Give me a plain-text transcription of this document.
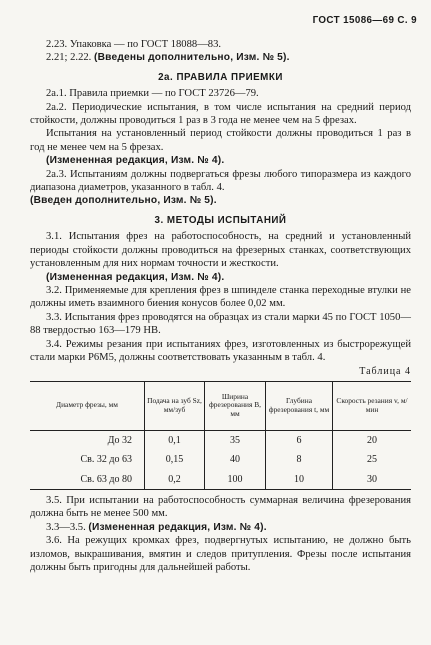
ГОСТ 15086—69 С. 9

2.23. Упаковка — по ГОСТ 18088—83.

2.21; 2.22. (Введены дополнительно, Изм. № 5).

2а. ПРАВИЛА ПРИЕМКИ

2а.1. Правила приемки — по ГОСТ 23726—79.

2а.2. Периодические испытания, в том числе испытания на средний период стойкости, должны проводиться 1 раз в 3 года не менее чем на 5 фрезах.

Испытания на установленный период стойкости должны проводиться 1 раз в год не менее чем на 5 фрезах.

(Измененная редакция, Изм. № 4).

2а.3. Испытаниям должны подвергаться фрезы любого типоразмера из каждого диапазона диаметров, указанного в табл. 4.

(Введен дополнительно, Изм. № 5).

3. МЕТОДЫ ИСПЫТАНИЙ

3.1. Испытания фрез на работоспособность, на средний и установленный периоды стойкости должны проводиться на фрезерных станках, соответствующих установленным для них нормам точности и жесткости.

(Измененная редакция, Изм. № 4).

3.2. Применяемые для крепления фрез в шпинделе станка переходные втулки не должны иметь взаимного биения конусов более 0,02 мм.

3.3. Испытания фрез проводятся на образцах из стали марки 45 по ГОСТ 1050—88 твердостью 163—179 НВ.

3.4. Режимы резания при испытаниях фрез, изготовленных из быстрорежущей стали марки Р6М5, должны соответствовать указанным в табл. 4.

Таблица 4
Диаметр фрезы, мм	Подача на зуб Sz, мм/зуб	Ширина фрезерования B, мм	Глубина фрезерования t, мм	Скорость резания v, м/мин
До 32	0,1	35	6	20
Св. 32 до 63	0,15	40	8	25
Св. 63 до 80	0,2	100	10	30

3.5. При испытании на работоспособность суммарная величина фрезерования должна быть не менее 500 мм.

3.3—3.5. (Измененная редакция, Изм. № 4).

3.6. На режущих кромках фрез, подвергнутых испытанию, не должно быть изломов, выкрашивания, вмятин и следов притупления. Фрезы после испытания должны быть пригодны для дальнейшей работы.
